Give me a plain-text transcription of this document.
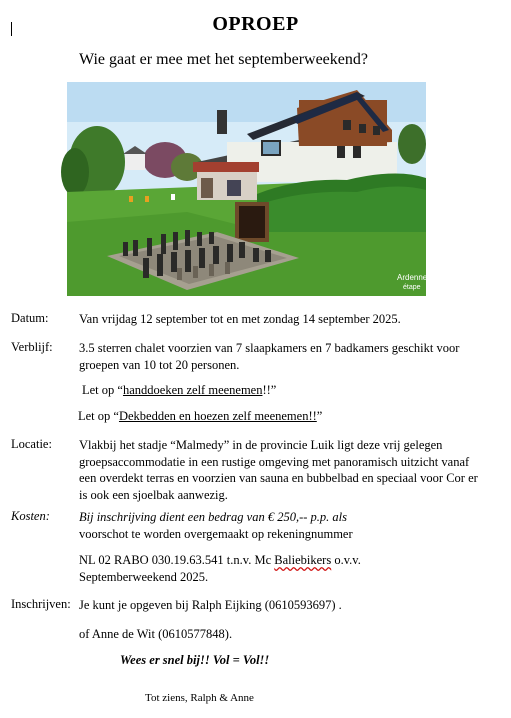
OPROEP
Wie gaat er mee met het septemberweekend?
Ardennes
étape
Datum: Van vrijdag 12 september tot en met zondag 14 september 2025.
Verblijf: 3.5 sterren chalet voorzien van 7 slaapkamers en 7 badkamers geschikt voor
groepen van 10 tot 20 personen.
Let op “handdoeken zelf meenemen!!”
Let op “Dekbedden en hoezen zelf meenemen!!”
Locatie: Vlakbij het stadje “Malmedy” in de provincie Luik ligt deze vrij gelegen
groepsaccommodatie in een rustige omgeving met panoramisch uitzicht vanaf
een overdekt terras en voorzien van sauna en bubbelbad en speciaal voor Cor er
is ook een sjoelbak aanwezig.
Kosten: Bij inschrijving dient een bedrag van € 250,-- p.p. als
voorschot te worden overgemaakt op rekeningnummer
NL 02 RABO 030.19.63.541 t.n.v. Mc Baliebikers o.v.v.
Septemberweekend 2025.
Inschrijven: Je kunt je opgeven bij Ralph Eijking (0610593697) .
of Anne de Wit (0610577848).
Wees er snel bij!! Vol = Vol!!
Tot ziens, Ralph & Anne
